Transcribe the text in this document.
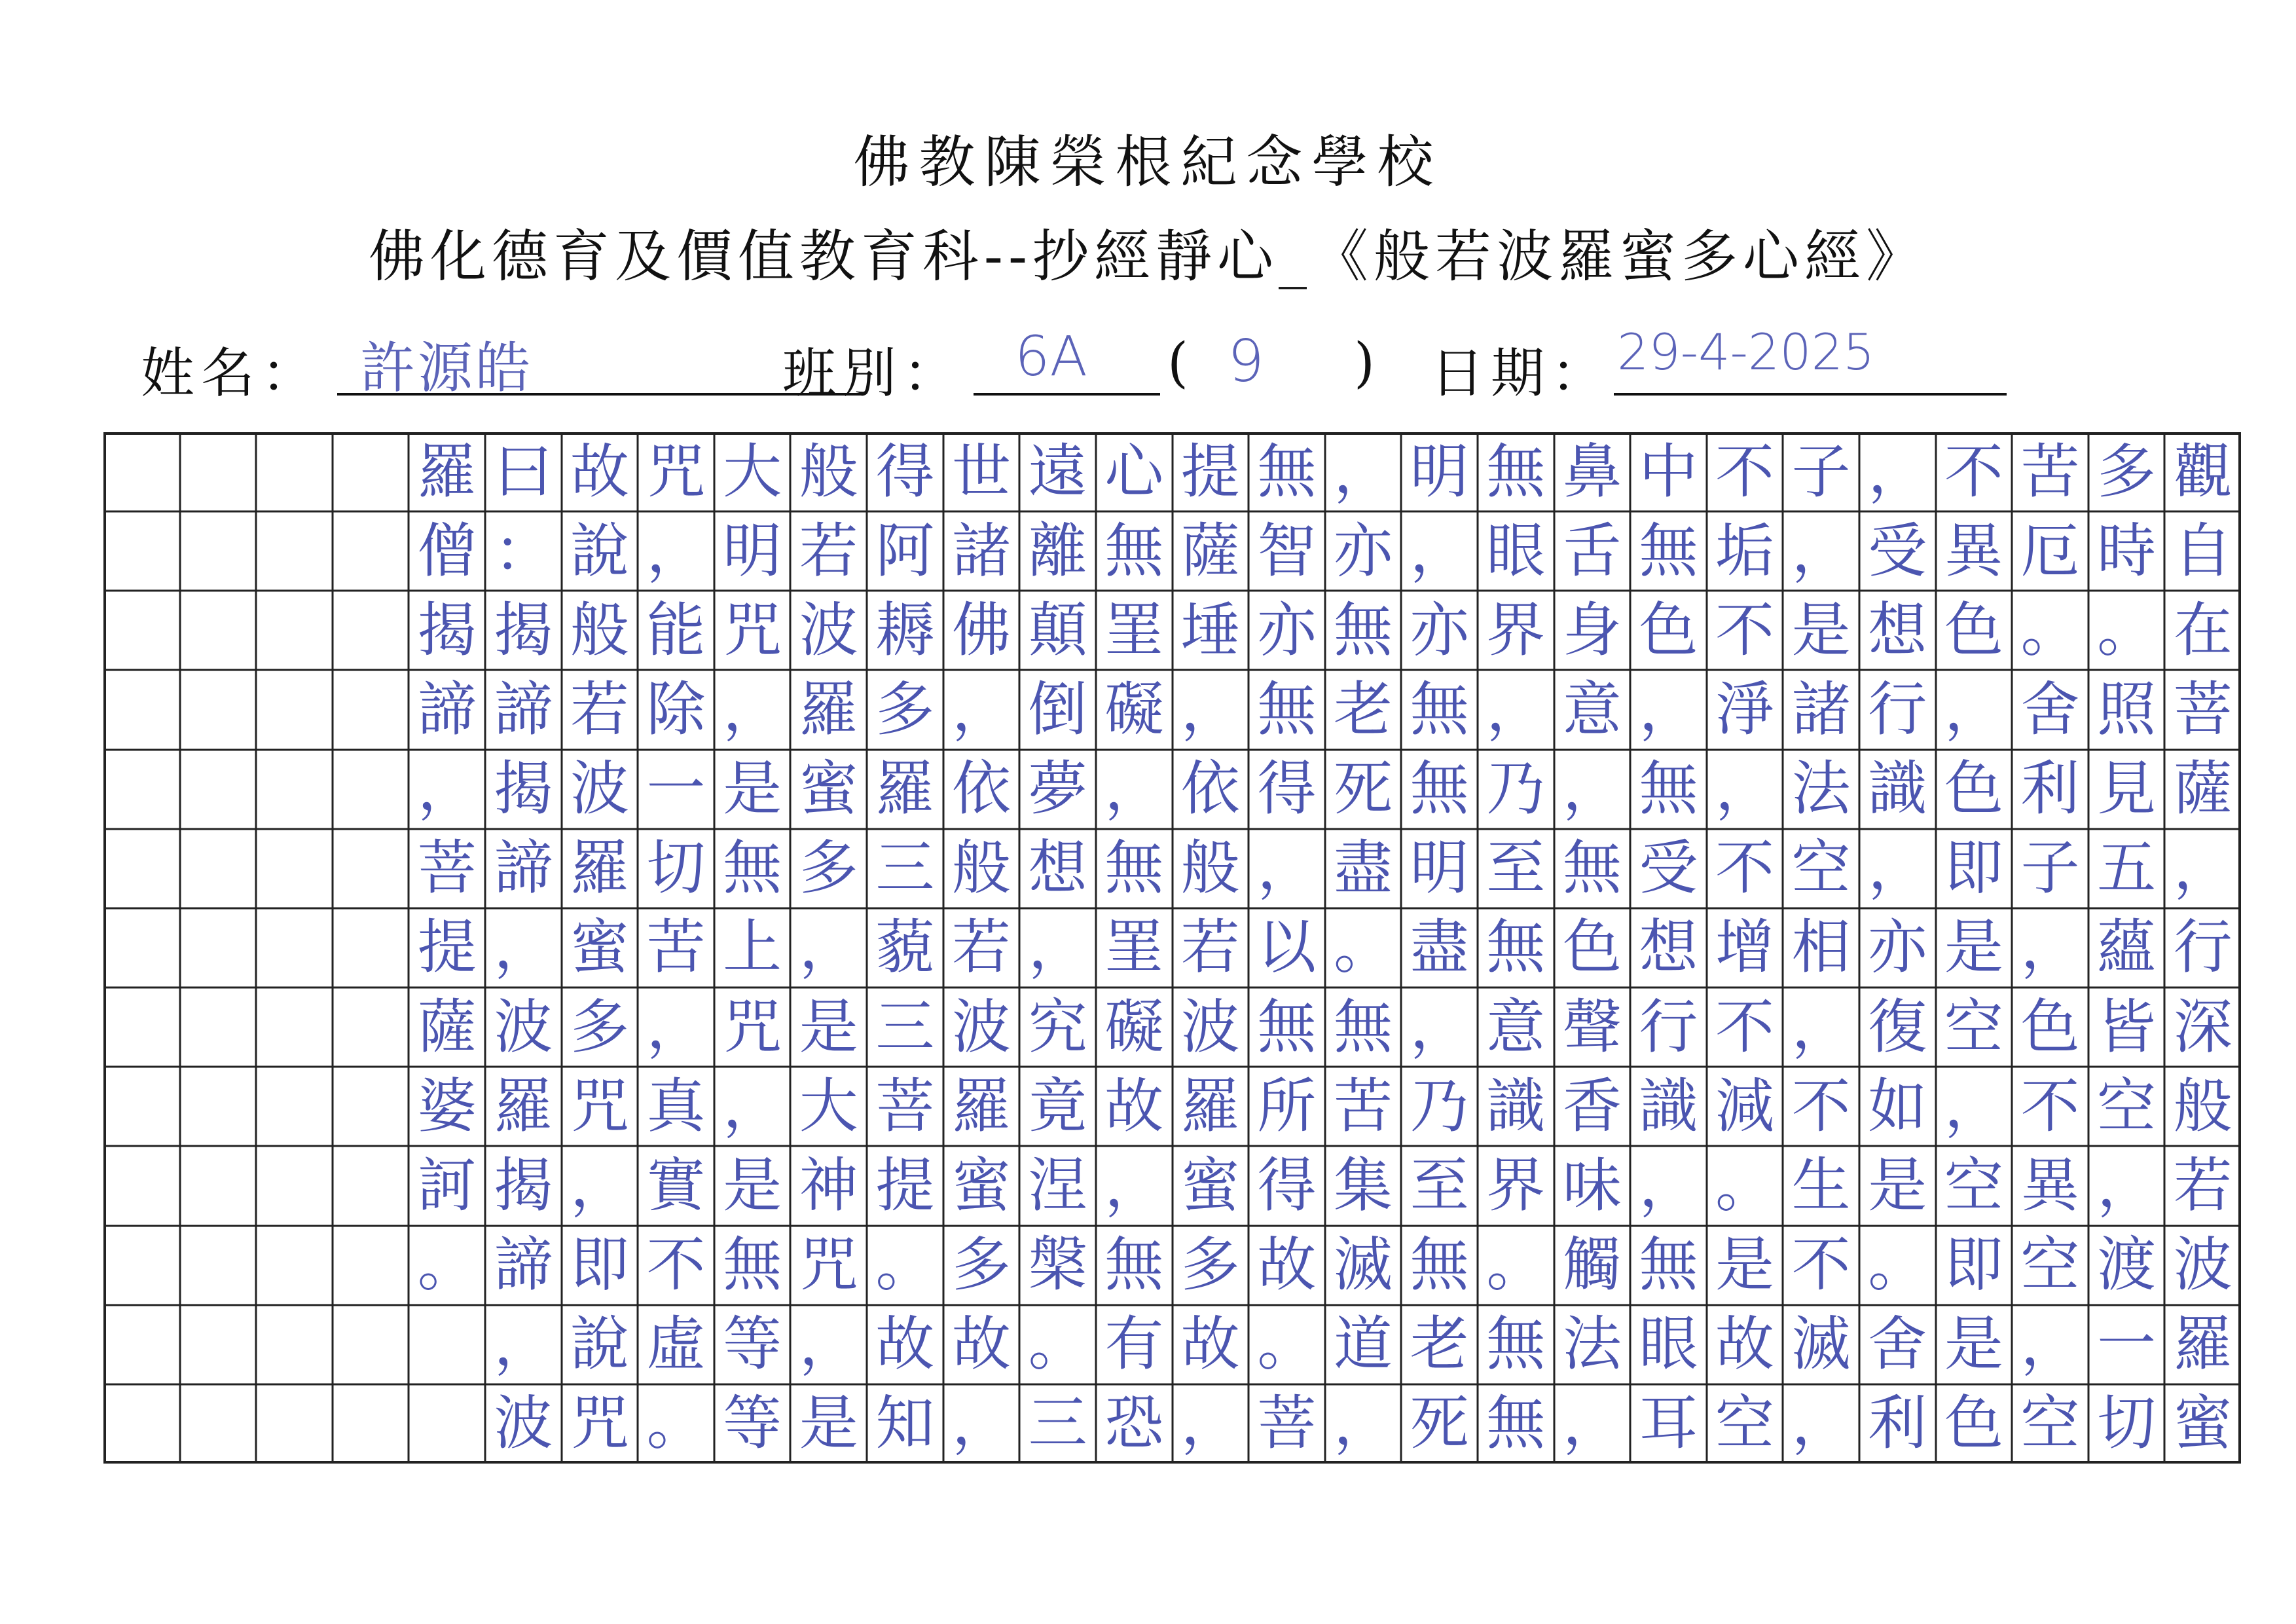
佛教陳榮根紀念學校
佛化德育及價值教育科--抄經靜心_《般若波羅蜜多心經》
姓名： 許源皓	班別： 6A ( 9 ) 日期： 29-4-2025
觀
自
在
菩
薩
，
行
深
般
若
波
羅
蜜
多
時
。
照
見
五
蘊
皆
空
，
渡
一
切
苦
厄
。
舍
利
子
，
色
不
異
空
，
空
不
異
色
，
色
即
是
空
，
空
即
是
色
，
受
想
行
識
，
亦
復
如
是
。
舍
利
子
，
是
諸
法
空
相
，
不
生
不
滅
，
不
垢
不
淨
，
不
增
不
減
。
是
故
空
中
無
色
，
無
受
想
行
識
，
無
眼
耳
鼻
舌
身
意
，
無
色
聲
香
味
觸
法
，
無
眼
界
，
乃
至
無
意
識
界
。
無
無
明
，
亦
無
無
明
盡
，
乃
至
無
老
死
，
亦
無
老
死
盡
。
無
苦
集
滅
道
，
無
智
亦
無
得
，
以
無
所
得
故
。
菩
提
薩
埵
，
依
般
若
波
羅
蜜
多
故
，
心
無
罣
礙
，
無
罣
礙
故
，
無
有
恐
遠
離
顛
倒
夢
想
，
究
竟
涅
槃
。
三
世
諸
佛
，
依
般
若
波
羅
蜜
多
故
，
得
阿
耨
多
羅
三
藐
三
菩
提
。
故
知
般
若
波
羅
蜜
多
，
是
大
神
咒
，
是
大
明
咒
，
是
無
上
咒
，
是
無
等
等
咒
，
能
除
一
切
苦
，
真
實
不
虛
。
故
說
般
若
波
羅
蜜
多
咒
，
即
說
咒
曰
：
揭
諦
揭
諦
，
波
羅
揭
諦
，
波
羅
僧
揭
諦
，
菩
提
薩
婆
訶
。
